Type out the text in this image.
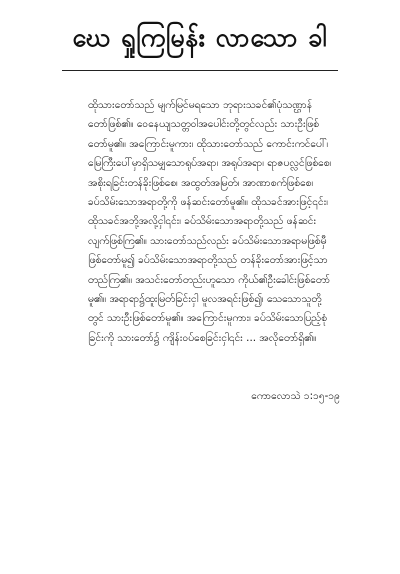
ဃေ ရှုကြမြန်း လာသော ခါ
ထိုသားတော်သည် မျက်မြင်မရသော ဘုရားသခင်၏ပုံသဏ္ဌာန်
တော်ဖြစ်၏။ ဝေနေယျသတ္တဝါအပေါင်းတို့တွင်လည်း သားဦးဖြစ်
တော်မူ၏။ အကြောင်းမူကား၊ ထိုသားတော်သည် ကောင်းကင်ပေါ်၊
မြေကြီးပေါ်မှာရှိသမျှသောရုပ်အရာ၊ အရုပ်အရာ၊ ရာဇပလ္လင်ဖြစ်စေ၊
အစိုးရခြင်းတန်ခိုးဖြစ်စေ၊ အထွတ်အမြတ်၊ အာဏာစက်ဖြစ်စေ၊
ခပ်သိမ်းသောအရာတို့ကို ဖန်ဆင်းတော်မူ၏။ ထိုသခင်အားဖြင့်၎င်း၊
ထိုသခင်အဘို့အလို့ငှါ၎င်း၊ ခပ်သိမ်းသောအရာတို့သည် ဖန်ဆင်း
လျက်ဖြစ်ကြ၏။ သားတော်သည်လည်း ခပ်သိမ်းသောအရာမဖြစ်မှီ
ဖြစ်တော်မူ၍ ခပ်သိမ်းသောအရာတို့သည် တန်ခိုးတော်အားဖြင့်သာ
တည်ကြ၏။ အသင်းတော်တည်းဟူသော ကိုယ်၏ဦးခေါင်းဖြစ်တော်
မူ၏။ အရာရာ၌ထူးမြတ်ခြင်းငှါ မူလအရင်းဖြစ်၍၊ သေသောသူတို့
တွင် သားဦးဖြစ်တော်မူ၏။ အကြောင်းမူကား၊ ခပ်သိမ်းသောပြည့်စုံ
ခြင်းကို သားတော်၌ ကျိန်းဝပ်စေခြင်းငှါ၎င်း ... အလိုတော်ရှိ၏။
ကောလောသဲ ၁:၁၅-၁၉
